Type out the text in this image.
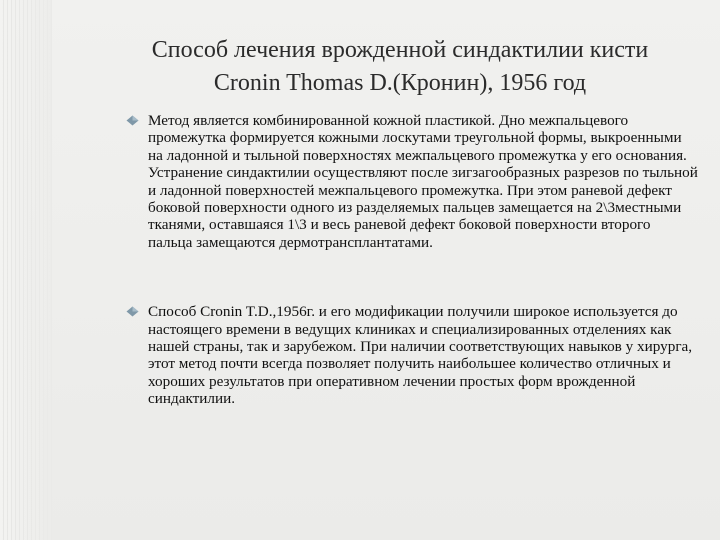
Способ лечения врожденной синдактилии кисти
Cronin Thomas D.(Кронин), 1956 год
Метод является комбинированной кожной пластикой. Дно межпальцевого промежутка формируется кожными лоскутами треугольной формы, выкроенными на ладонной и тыльной поверхностях межпальцевого промежутка у его основания. Устранение синдактилии осуществляют после зигзагообразных разрезов по тыльной и ладонной поверхностей межпальцевого промежутка. При этом раневой дефект боковой поверхности одного из разделяемых пальцев замещается на 2\3местными тканями, оставшаяся 1\3 и весь раневой дефект боковой поверхности второго пальца замещаются дермотрансплантатами.
Способ Cronin T.D.,1956г. и его модификации получили широкое используется до настоящего времени в ведущих клиниках и специализированных отделениях как нашей страны, так и зарубежом. При наличии соответствующих навыков у хирурга, этот метод почти всегда позволяет получить наибольшее количество отличных и хороших результатов при оперативном лечении простых форм врожденной синдактилии.
